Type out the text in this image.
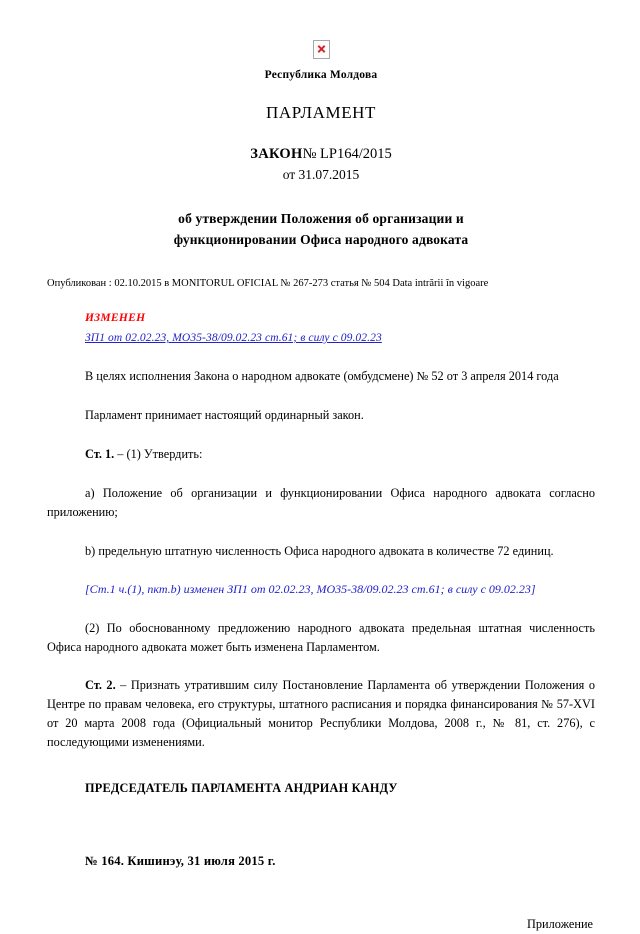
Республика Молдова
ПАРЛАМЕНТ
ЗАКОН№ LP164/2015
от 31.07.2015
об утверждении Положения об организации и
функционировании Офиса народного адвоката
Опубликован : 02.10.2015 в MONITORUL OFICIAL № 267-273 статья № 504 Data intrării în vigoare
ИЗМЕНЕН
ЗП1 от 02.02.23, МО35-38/09.02.23 ст.61; в силу с 09.02.23

В целях исполнения Закона о народном адвокате (омбудсмене) № 52 от 3 апреля 2014 года

Парламент принимает настоящий ординарный закон.

Ст. 1. – (1) Утвердить:

a) Положение об организации и функционировании Офиса народного адвоката согласно приложению;

b) предельную штатную численность Офиса народного адвоката в количестве 72 единиц.

[Ст.1 ч.(1), пкт.b) изменен ЗП1 от 02.02.23, МО35-38/09.02.23 ст.61; в силу с 09.02.23]

(2) По обоснованному предложению народного адвоката предельная штатная численность Офиса народного адвоката может быть изменена Парламентом.

Ст. 2. – Признать утратившим силу Постановление Парламента об утверждении Положения о Центре по правам человека, его структуры, штатного расписания и порядка финансирования № 57-XVI от 20 марта 2008 года (Официальный монитор Республики Молдова, 2008 г., № 81, ст. 276), с последующими изменениями.

ПРЕДСЕДАТЕЛЬ ПАРЛАМЕНТА АНДРИАН КАНДУ

№ 164. Кишинэу, 31 июля 2015 г.

Приложение
